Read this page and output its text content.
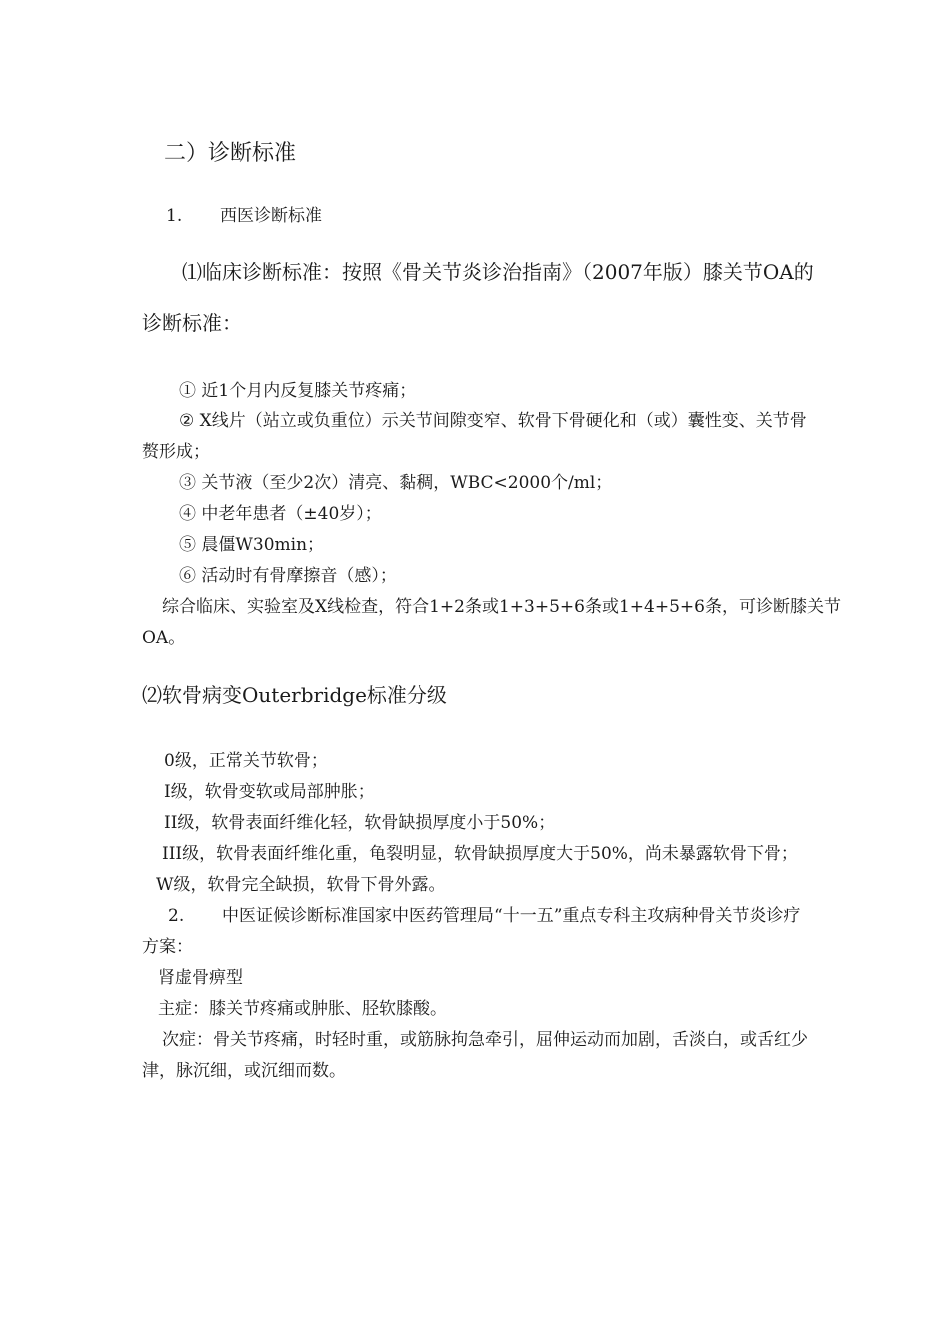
二）诊断标准
1. 西医诊断标准
⑴临床诊断标准：按照《骨关节炎诊治指南》（2007年版）膝关节OA的
诊断标准：
① 近1个月内反复膝关节疼痛；
② X线片（站立或负重位）示关节间隙变窄、软骨下骨硬化和（或）囊性变、关节骨
赘形成；
③ 关节液（至少2次）清亮、黏稠，WBC<2000个/ml；
④ 中老年患者（±40岁）；
⑤ 晨僵W30min；
⑥ 活动时有骨摩擦音（感）；
综合临床、实验室及X线检查，符合1+2条或1+3+5+6条或1+4+5+6条，可诊断膝关节
OA。
⑵软骨病变Outerbridge标准分级
0级，正常关节软骨；
I级，软骨变软或局部肿胀；
II级，软骨表面纤维化轻，软骨缺损厚度小于50%；
III级，软骨表面纤维化重，龟裂明显，软骨缺损厚度大于50%，尚未暴露软骨下骨；
W级，软骨完全缺损，软骨下骨外露。
2. 中医证候诊断标准国家中医药管理局“十一五”重点专科主攻病种骨关节炎诊疗
方案：
肾虚骨痹型
主症：膝关节疼痛或肿胀、胫软膝酸。
次症：骨关节疼痛，时轻时重，或筋脉拘急牵引，屈伸运动而加剧，舌淡白，或舌红少
津，脉沉细，或沉细而数。
